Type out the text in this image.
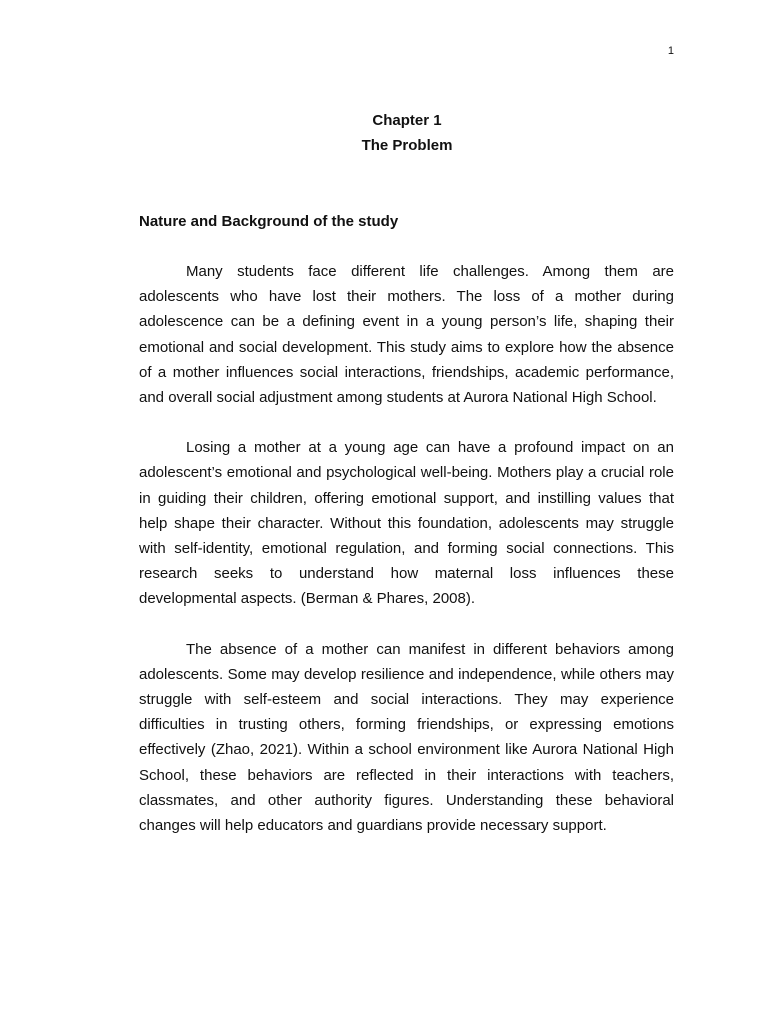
1
Chapter 1
The Problem
Nature and Background of the study

Many students face different life challenges. Among them are adolescents who have lost their mothers. The loss of a mother during adolescence can be a defining event in a young person’s life, shaping their emotional and social development. This study aims to explore how the absence of a mother influences social interactions, friendships, academic performance, and overall social adjustment among students at Aurora National High School.

Losing a mother at a young age can have a profound impact on an adolescent’s emotional and psychological well-being. Mothers play a crucial role in guiding their children, offering emotional support, and instilling values that help shape their character. Without this foundation, adolescents may struggle with self-identity, emotional regulation, and forming social connections. This research seeks to understand how maternal loss influences these developmental aspects. (Berman & Phares, 2008).

The absence of a mother can manifest in different behaviors among adolescents. Some may develop resilience and independence, while others may struggle with self-esteem and social interactions. They may experience difficulties in trusting others, forming friendships, or expressing emotions effectively (Zhao, 2021). Within a school environment like Aurora National High School, these behaviors are reflected in their interactions with teachers, classmates, and other authority figures. Understanding these behavioral changes will help educators and guardians provide necessary support.
